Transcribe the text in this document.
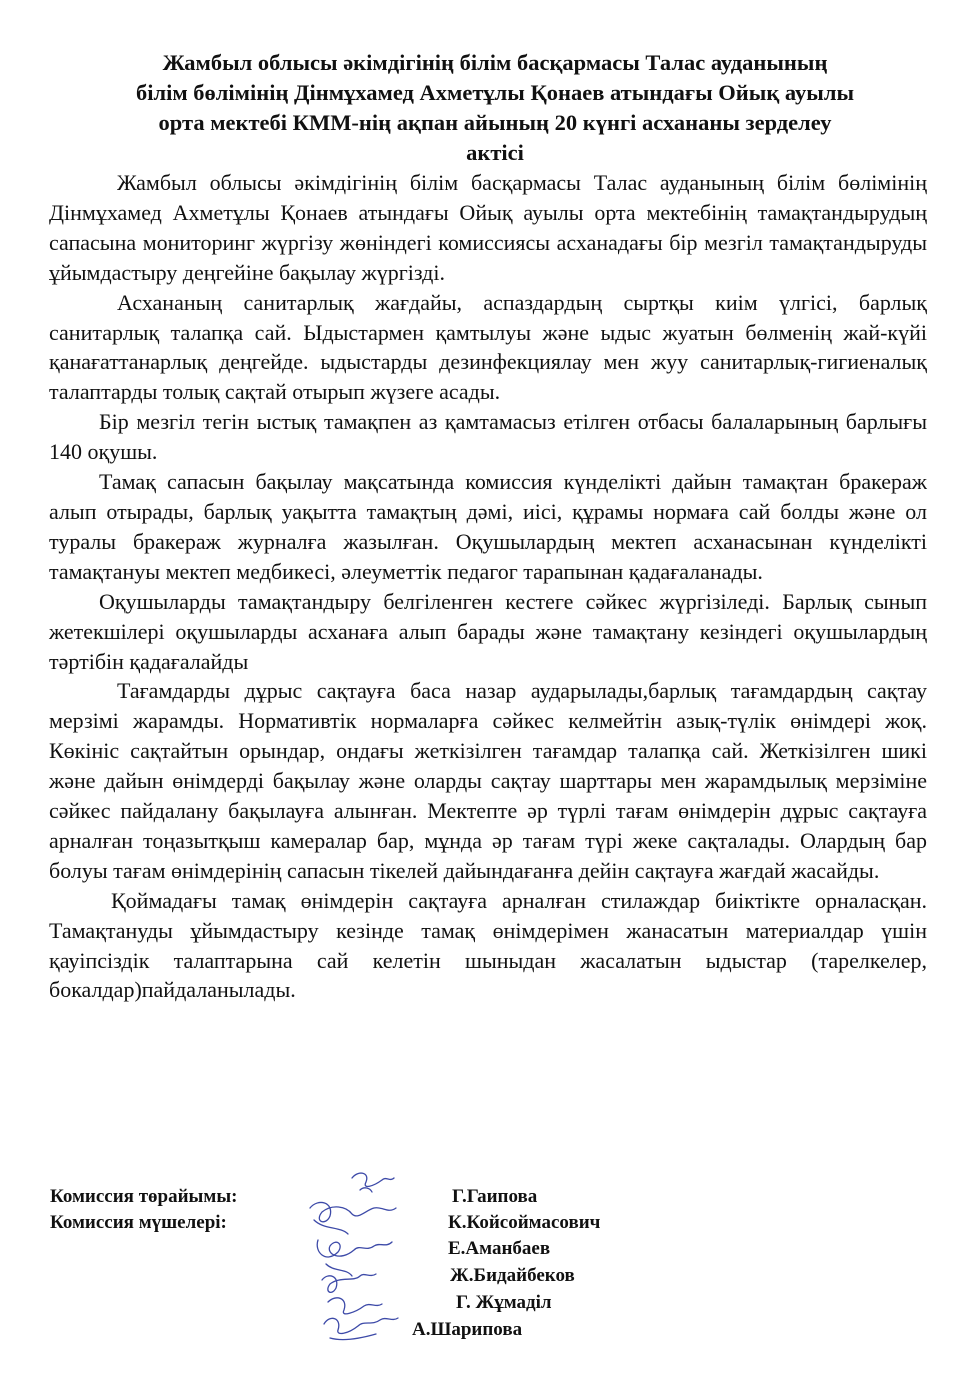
Жамбыл облысы әкімдігінің білім басқармасы Талас ауданының
білім бөлімінің Дінмұхамед Ахметұлы Қонаев атындағы Ойық ауылы
орта мектебі КММ-нің ақпан айының 20 күнгі асхананы зерделеу
актісі

Жамбыл облысы әкімдігінің білім басқармасы Талас ауданының білім бөлімінің Дінмұхамед Ахметұлы Қонаев атындағы Ойық ауылы орта мектебінің тамақтандырудың сапасына мониторинг жүргізу жөніндегі комиссиясы асханадағы бір мезгіл тамақтандыруды ұйымдастыру деңгейіне бақылау жүргізді.

Асхананың санитарлық жағдайы, аспаздардың сыртқы киім үлгісі, барлық санитарлық талапқа сай. Ыдыстармен қамтылуы және ыдыс жуатын бөлменің жай-күйі қанағаттанарлық деңгейде. ыдыстарды дезинфекциялау мен жуу санитарлық-гигиеналық талаптарды толық сақтай отырып жүзеге асады.

Бір мезгіл тегін ыстық тамақпен аз қамтамасыз етілген отбасы балаларының барлығы 140 оқушы.

Тамақ сапасын бақылау мақсатында комиссия күнделікті дайын тамақтан бракераж алып отырады, барлық уақытта тамақтың дәмі, иісі, құрамы нормаға сай болды және ол туралы бракераж журналға жазылған. Оқушылардың мектеп асханасынан күнделікті тамақтануы мектеп медбикесі, әлеуметтік педагог тарапынан қадағаланады.

Оқушыларды тамақтандыру белгіленген кестеге сәйкес жүргізіледі. Барлық сынып жетекшілері оқушыларды асханаға алып барады және тамақтану кезіндегі оқушылардың тәртібін қадағалайды

Тағамдарды дұрыс сақтауға баса назар аударылады,барлық тағамдардың сақтау мерзімі жарамды. Нормативтік нормаларға сәйкес келмейтін азық-түлік өнімдері жоқ. Көкініс сақтайтын орындар, ондағы жеткізілген тағамдар талапқа сай. Жеткізілген шикі және дайын өнімдерді бақылау және оларды сақтау шарттары мен жарамдылық мерзіміне сәйкес пайдалану бақылауға алынған. Мектепте әр түрлі тағам өнімдерін дұрыс сақтауға арналған тоңазытқыш камералар бар, мұнда әр тағам түрі жеке сақталады. Олардың бар болуы тағам өнімдерінің сапасын тікелей дайындағанға дейін сақтауға жағдай жасайды.

Қоймадағы тамақ өнімдерін сақтауға арналған стилаждар биіктікте орналасқан. Тамақтануды ұйымдастыру кезінде тамақ өнімдерімен жанасатын материалдар үшін қауіпсіздік талаптарына сай келетін шыныдан жасалатын ыдыстар (тарелкелер, бокалдар)пайдаланылады.

Комиссия төрайымы:
Комиссия мүшелері:
Г.Гаипова
К.Койсоймасович
Е.Аманбаев
Ж.Бидайбеков
Г. Жұмаділ
А.Шарипова
